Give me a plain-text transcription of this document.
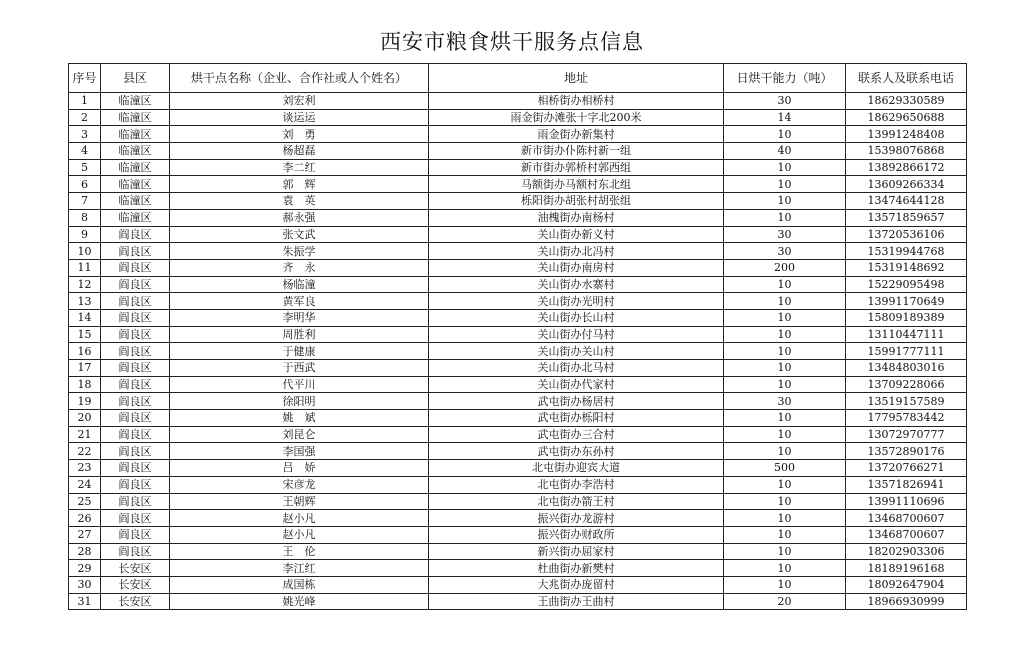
西安市粮食烘干服务点信息
序号	县区	烘干点名称（企业、合作社或人个姓名）	地址	日烘干能力（吨）	联系人及联系电话
1	临潼区	刘宏利	相桥街办相桥村	30	18629330589
2	临潼区	谈运运	雨金街办滩张十字北200米	14	18629650688
3	临潼区	刘　勇	雨金街办新集村	10	13991248408
4	临潼区	杨超磊	新市街办仆陈村新一组	40	15398076868
5	临潼区	李二红	新市街办郭桥村郭西组	10	13892866172
6	临潼区	郭　辉	马额街办马额村东北组	10	13609266334
7	临潼区	袁　英	栎阳街办胡张村胡张组	10	13474644128
8	临潼区	郝永强	油槐街办南杨村	10	13571859657
9	阎良区	张文武	关山街办新义村	30	13720536106
10	阎良区	朱振学	关山街办北冯村	30	15319944768
11	阎良区	齐　永	关山街办南房村	200	15319148692
12	阎良区	杨临潼	关山街办水寨村	10	15229095498
13	阎良区	黄军良	关山街办光明村	10	13991170649
14	阎良区	李明华	关山街办长山村	10	15809189389
15	阎良区	周胜利	关山街办付马村	10	13110447111
16	阎良区	于健康	关山街办关山村	10	15991777111
17	阎良区	于西武	关山街办北马村	10	13484803016
18	阎良区	代平川	关山街办代家村	10	13709228066
19	阎良区	徐阳明	武屯街办杨居村	30	13519157589
20	阎良区	姚　斌	武屯街办栎阳村	10	17795783442
21	阎良区	刘昆仑	武屯街办三合村	10	13072970777
22	阎良区	李国强	武屯街办东孙村	10	13572890176
23	阎良区	吕　娇	北屯街办迎宾大道	500	13720766271
24	阎良区	宋彦龙	北屯街办李浩村	10	13571826941
25	阎良区	王朝辉	北屯街办箭王村	10	13991110696
26	阎良区	赵小凡	振兴街办龙游村	10	13468700607
27	阎良区	赵小凡	振兴街办财政所	10	13468700607
28	阎良区	王　伦	新兴街办屈家村	10	18202903306
29	长安区	李江红	杜曲街办新樊村	10	18189196168
30	长安区	成国栋	大兆街办庞留村	10	18092647904
31	长安区	姚光峰	王曲街办王曲村	20	18966930999
